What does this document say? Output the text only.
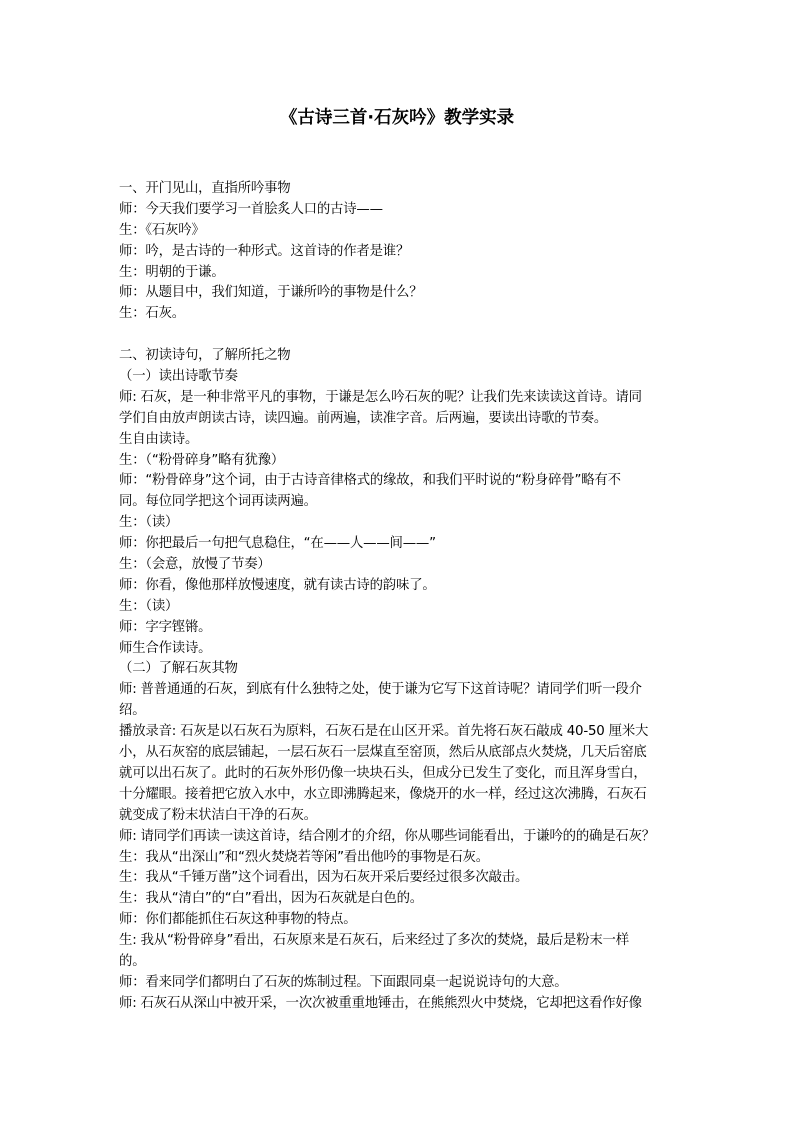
《古诗三首·石灰吟》教学实录
一、开门见山，直指所吟事物
师：今天我们要学习一首脍炙人口的古诗——
生：《石灰吟》
师：吟，是古诗的一种形式。这首诗的作者是谁？
生：明朝的于谦。
师：从题目中，我们知道，于谦所吟的事物是什么？
生：石灰。
二、初读诗句，了解所托之物
（一）读出诗歌节奏
师: 石灰，是一种非常平凡的事物，于谦是怎么吟石灰的呢？让我们先来读读这首诗。请同
学们自由放声朗读古诗，读四遍。前两遍，读准字音。后两遍，要读出诗歌的节奏。
生自由读诗。
生：（“粉骨碎身”略有犹豫）
师：“粉骨碎身”这个词，由于古诗音律格式的缘故，和我们平时说的“粉身碎骨”略有不
同。每位同学把这个词再读两遍。
生：（读）
师：你把最后一句把气息稳住，“在——人——间——”
生：（会意，放慢了节奏）
师：你看，像他那样放慢速度，就有读古诗的韵味了。
生：（读）
师：字字铿锵。
师生合作读诗。
（二）了解石灰其物
师: 普普通通的石灰，到底有什么独特之处，使于谦为它写下这首诗呢？请同学们听一段介
绍。
播放录音: 石灰是以石灰石为原料，石灰石是在山区开采。首先将石灰石敲成 40-50 厘米大
小，从石灰窑的底层铺起，一层石灰石一层煤直至窑顶，然后从底部点火焚烧，几天后窑底
就可以出石灰了。此时的石灰外形仍像一块块石头，但成分已发生了变化，而且浑身雪白，
十分耀眼。接着把它放入水中，水立即沸腾起来，像烧开的水一样，经过这次沸腾，石灰石
就变成了粉末状洁白干净的石灰。
师: 请同学们再读一读这首诗，结合刚才的介绍，你从哪些词能看出，于谦吟的的确是石灰？
生：我从“出深山”和“烈火焚烧若等闲”看出他吟的事物是石灰。
生：我从“千锤万凿”这个词看出，因为石灰开采后要经过很多次敲击。
生：我从“清白”的“白”看出，因为石灰就是白色的。
师：你们都能抓住石灰这种事物的特点。
生: 我从“粉骨碎身”看出，石灰原来是石灰石，后来经过了多次的焚烧，最后是粉末一样
的。
师：看来同学们都明白了石灰的炼制过程。下面跟同桌一起说说诗句的大意。
师: 石灰石从深山中被开采，一次次被重重地锤击，在熊熊烈火中焚烧，它却把这看作好像
